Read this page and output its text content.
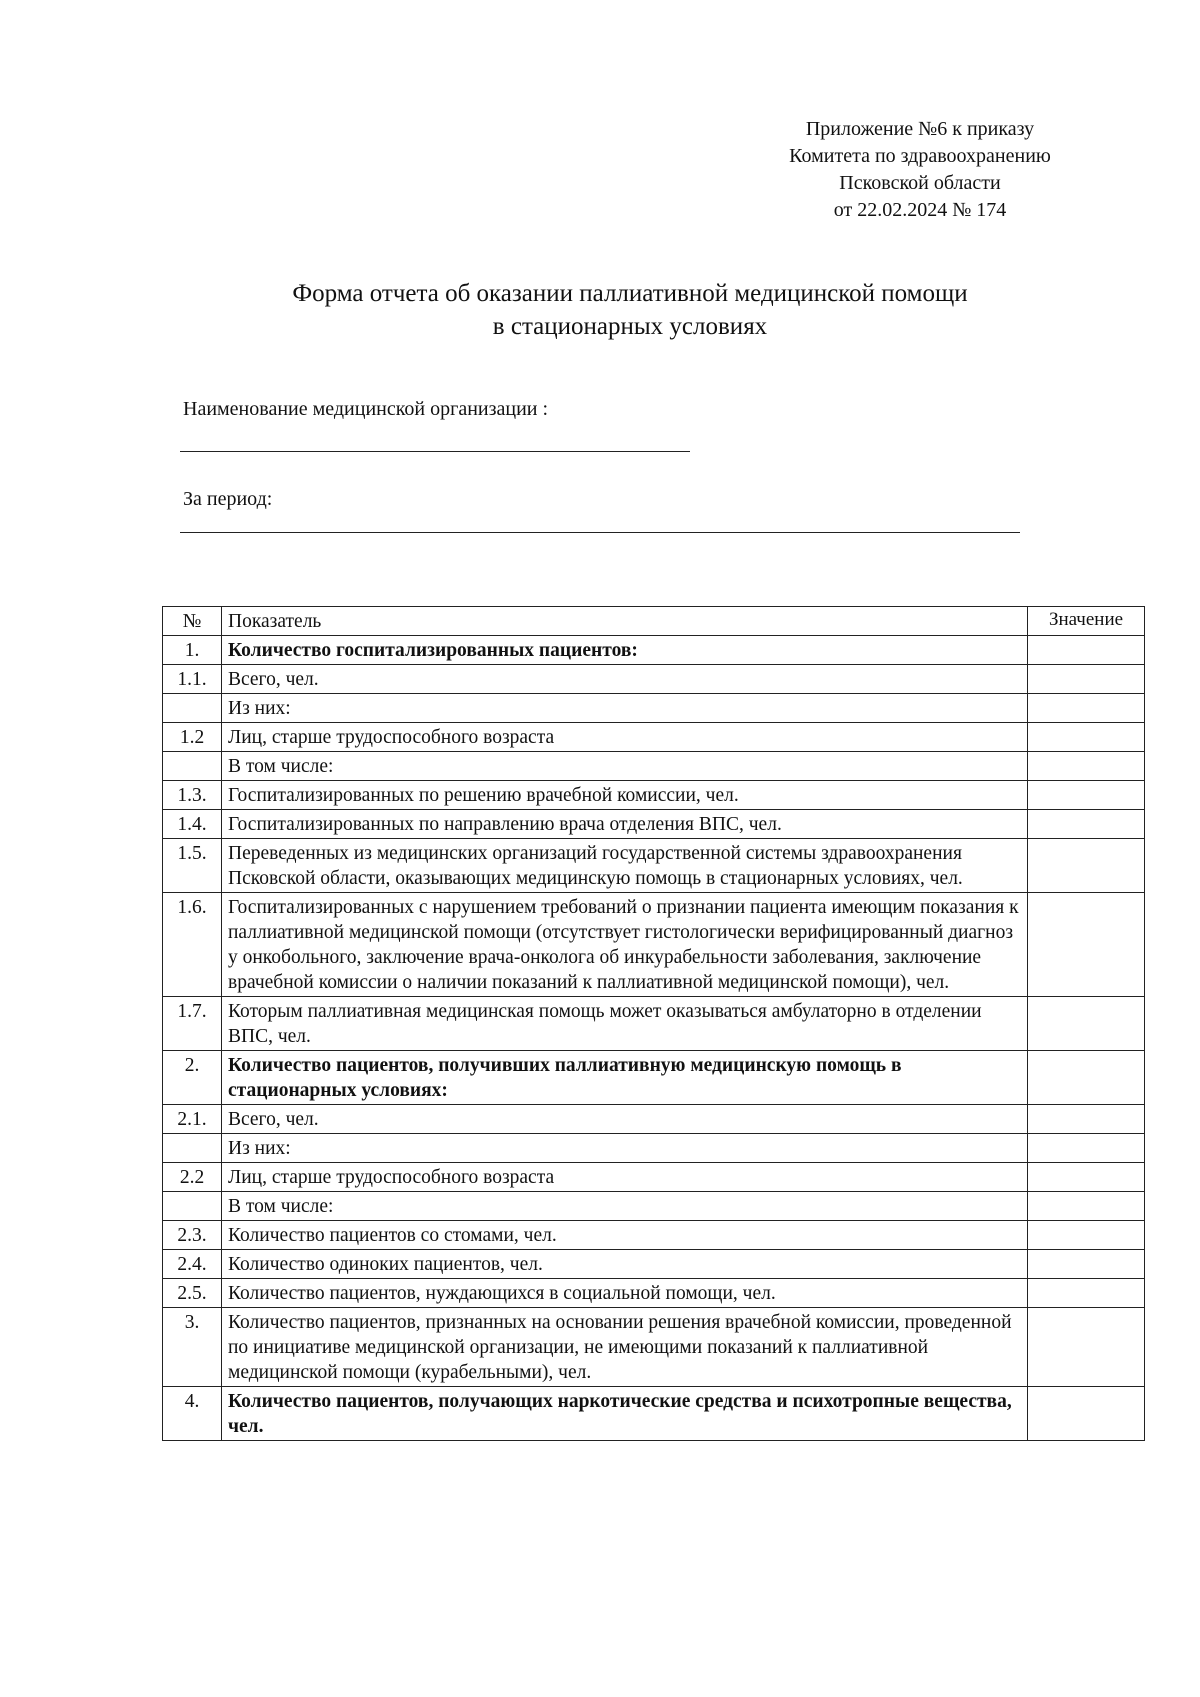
Приложение №6 к приказу
Комитета по здравоохранению
Псковской области
от 22.02.2024 № 174
Форма отчета об оказании паллиативной медицинской помощи
в стационарных условиях
Наименование медицинской организации :
За период:
№	Показатель	Значение
1.	Количество госпитализированных пациентов:	
1.1.	Всего, чел.	
	Из них:	
1.2	Лиц, старше трудоспособного возраста	
	В том числе:	
1.3.	Госпитализированных по решению врачебной комиссии, чел.	
1.4.	Госпитализированных по направлению врача отделения ВПС, чел.	
1.5.	Переведенных из медицинских организаций государственной системы здравоохранения Псковской области, оказывающих медицинскую помощь в стационарных условиях, чел.	
1.6.	Госпитализированных с нарушением требований о признании пациента имеющим показания к паллиативной медицинской помощи (отсутствует гистологически верифицированный диагноз у онкобольного, заключение врача-онколога об инкурабельности заболевания, заключение врачебной комиссии о наличии показаний к паллиативной медицинской помощи), чел.	
1.7.	Которым паллиативная медицинская помощь может оказываться амбулаторно в отделении ВПС, чел.	
2.	Количество пациентов, получивших паллиативную медицинскую помощь в стационарных условиях:	
2.1.	Всего, чел.	
	Из них:	
2.2	Лиц, старше трудоспособного возраста	
	В том числе:	
2.3.	Количество пациентов со стомами, чел.	
2.4.	Количество одиноких пациентов, чел.	
2.5.	Количество пациентов, нуждающихся в социальной помощи, чел.	
3.	Количество пациентов, признанных на основании решения врачебной комиссии, проведенной по инициативе медицинской организации, не имеющими показаний к паллиативной медицинской помощи (курабельными), чел.	
4.	Количество пациентов, получающих наркотические средства и психотропные вещества, чел.	
